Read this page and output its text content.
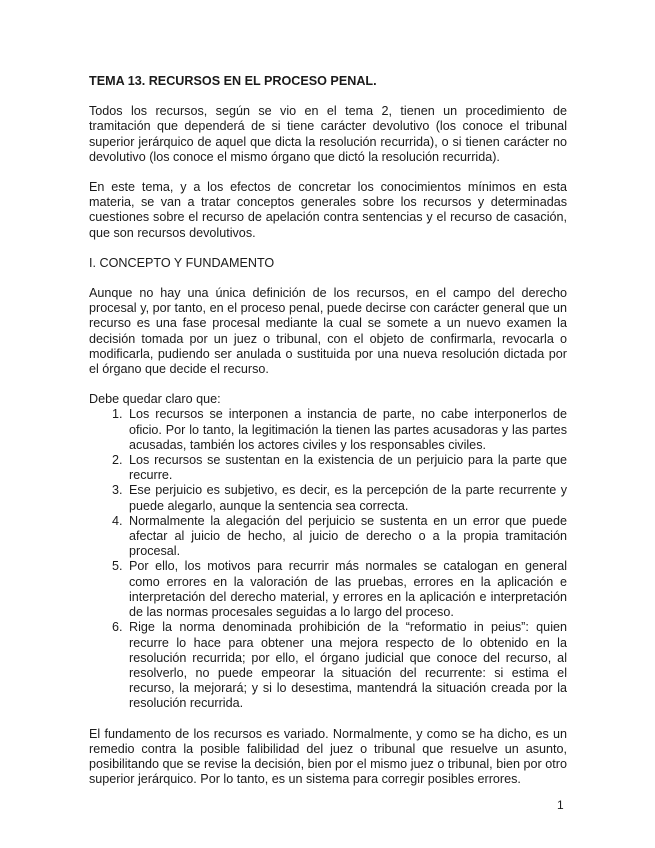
TEMA 13. RECURSOS EN EL PROCESO PENAL.

Todos los recursos, según se vio en el tema 2, tienen un procedimiento de tramitación que dependerá de si tiene carácter devolutivo (los conoce el tribunal superior jerárquico de aquel que dicta la resolución recurrida), o si tienen carácter no devolutivo (los conoce el mismo órgano que dictó la resolución recurrida).

En este tema, y a los efectos de concretar los conocimientos mínimos en esta materia, se van a tratar conceptos generales sobre los recursos y determinadas cuestiones sobre el recurso de apelación contra sentencias y el recurso de casación, que son recursos devolutivos.

I. CONCEPTO Y FUNDAMENTO

Aunque no hay una única definición de los recursos, en el campo del derecho procesal y, por tanto, en el proceso penal, puede decirse con carácter general que un recurso es una fase procesal mediante la cual se somete a un nuevo examen la decisión tomada por un juez o tribunal, con el objeto de confirmarla, revocarla o modificarla, pudiendo ser anulada o sustituida por una nueva resolución dictada por el órgano que decide el recurso.

Debe quedar claro que:
1. Los recursos se interponen a instancia de parte, no cabe interponerlos de oficio. Por lo tanto, la legitimación la tienen las partes acusadoras y las partes acusadas, también los actores civiles y los responsables civiles.
2. Los recursos se sustentan en la existencia de un perjuicio para la parte que recurre.
3. Ese perjuicio es subjetivo, es decir, es la percepción de la parte recurrente y puede alegarlo, aunque la sentencia sea correcta.
4. Normalmente la alegación del perjuicio se sustenta en un error que puede afectar al juicio de hecho, al juicio de derecho o a la propia tramitación procesal.
5. Por ello, los motivos para recurrir más normales se catalogan en general como errores en la valoración de las pruebas, errores en la aplicación e interpretación del derecho material, y errores en la aplicación e interpretación de las normas procesales seguidas a lo largo del proceso.
6. Rige la norma denominada prohibición de la “reformatio in peius”: quien recurre lo hace para obtener una mejora respecto de lo obtenido en la resolución recurrida; por ello, el órgano judicial que conoce del recurso, al resolverlo, no puede empeorar la situación del recurrente: si estima el recurso, la mejorará; y si lo desestima, mantendrá la situación creada por la resolución recurrida.

El fundamento de los recursos es variado. Normalmente, y como se ha dicho, es un remedio contra la posible falibilidad del juez o tribunal que resuelve un asunto, posibilitando que se revise la decisión, bien por el mismo juez o tribunal, bien por otro superior jerárquico. Por lo tanto, es un sistema para corregir posibles errores.

1
